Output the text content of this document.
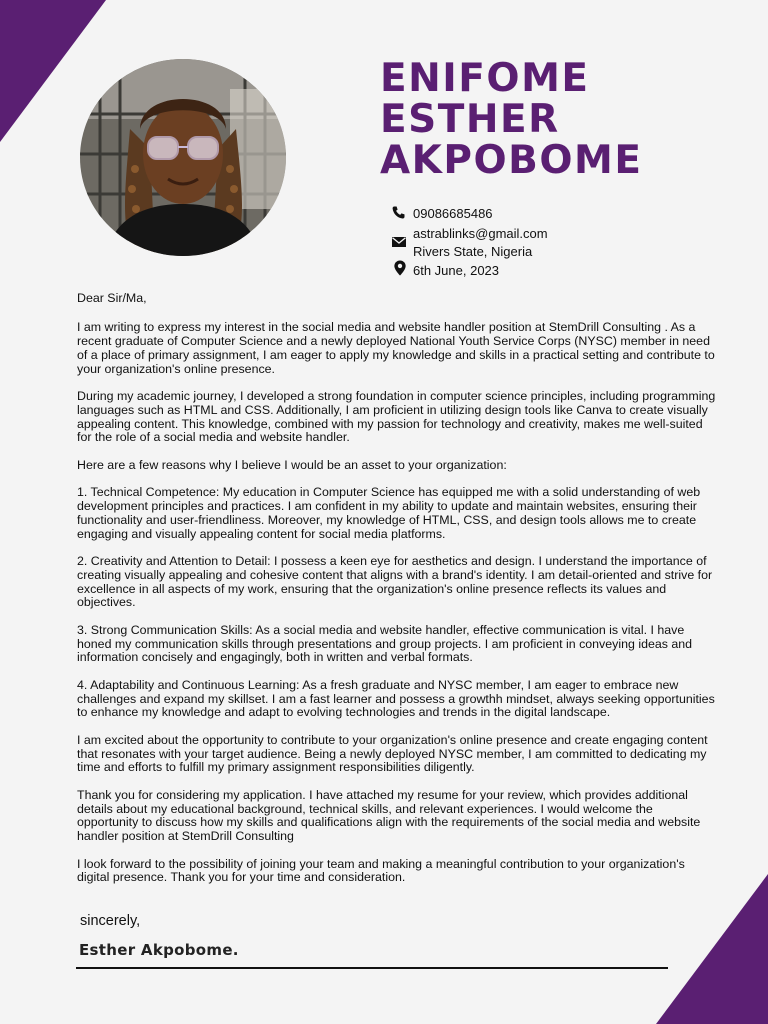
ENIFOME
ESTHER
AKPOBOME
09086685486
astrablinks@gmail.com
Rivers State, Nigeria
6th June, 2023

Dear Sir/Ma,

I am writing to express my interest in the social media and website handler position at StemDrill Consulting . As a recent graduate of Computer Science and a newly deployed National Youth Service Corps (NYSC) member in need of a place of primary assignment, I am eager to apply my knowledge and skills in a practical setting and contribute to your organization's online presence.

During my academic journey, I developed a strong foundation in computer science principles, including programming languages such as HTML and CSS. Additionally, I am proficient in utilizing design tools like Canva to create visually appealing content. This knowledge, combined with my passion for technology and creativity, makes me well-suited for the role of a social media and website handler.

Here are a few reasons why I believe I would be an asset to your organization:

1. Technical Competence: My education in Computer Science has equipped me with a solid understanding of web development principles and practices. I am confident in my ability to update and maintain websites, ensuring their functionality and user-friendliness. Moreover, my knowledge of HTML, CSS, and design tools allows me to create engaging and visually appealing content for social media platforms.

2. Creativity and Attention to Detail: I possess a keen eye for aesthetics and design. I understand the importance of creating visually appealing and cohesive content that aligns with a brand's identity. I am detail-oriented and strive for excellence in all aspects of my work, ensuring that the organization's online presence reflects its values and objectives.

3. Strong Communication Skills: As a social media and website handler, effective communication is vital. I have honed my communication skills through presentations and group projects. I am proficient in conveying ideas and information concisely and engagingly, both in written and verbal formats.

4. Adaptability and Continuous Learning: As a fresh graduate and NYSC member, I am eager to embrace new challenges and expand my skillset. I am a fast learner and possess a growthh mindset, always seeking opportunities to enhance my knowledge and adapt to evolving technologies and trends in the digital landscape.

I am excited about the opportunity to contribute to your organization's online presence and create engaging content that resonates with your target audience. Being a newly deployed NYSC member, I am committed to dedicating my time and efforts to fulfill my primary assignment responsibilities diligently.

Thank you for considering my application. I have attached my resume for your review, which provides additional details about my educational background, technical skills, and relevant experiences. I would welcome the opportunity to discuss how my skills and qualifications align with the requirements of the social media and website handler position at StemDrill Consulting

I look forward to the possibility of joining your team and making a meaningful contribution to your organization's digital presence. Thank you for your time and consideration.

sincerely,

Esther Akpobome.
